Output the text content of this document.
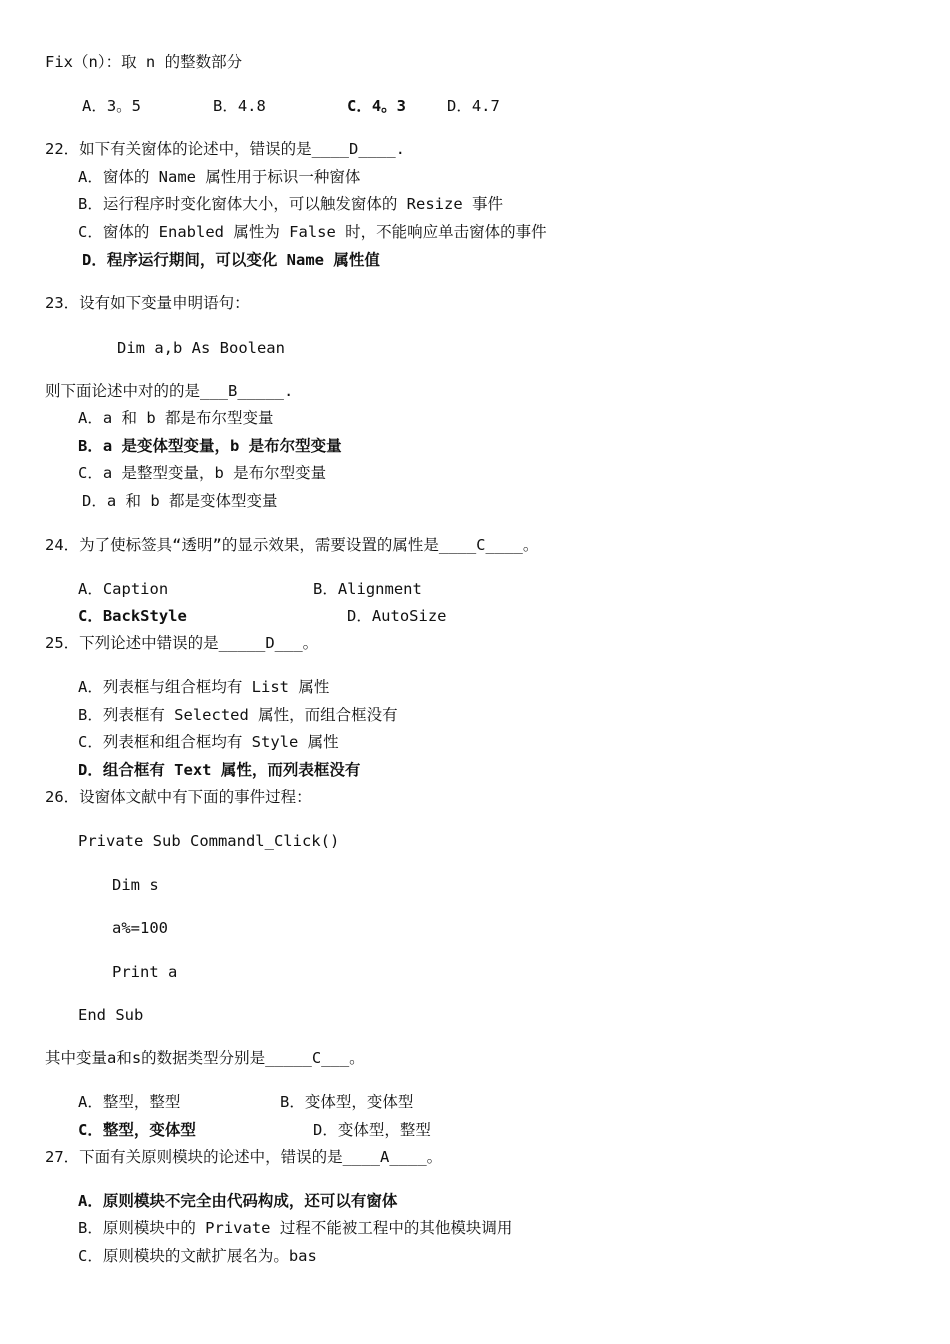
Fix（n）：取 n 的整数部分

A．3。5	B．4.8	C．4。3	D．4.7

22．如下有关窗体的论述中，错误的是____D____.

A．窗体的 Name 属性用于标识一种窗体

B．运行程序时变化窗体大小，可以触发窗体的 Resize 事件

C．窗体的 Enabled 属性为 False 时，不能响应单击窗体的事件

D．程序运行期间，可以变化 Name 属性值

23．设有如下变量申明语句：

Dim a,b As Boolean

则下面论述中对的的是___B_____.

A．a 和 b 都是布尔型变量

B．a 是变体型变量，b 是布尔型变量

C．a 是整型变量，b 是布尔型变量

D．a 和 b 都是变体型变量

24．为了使标签具“透明”的显示效果，需要设置的属性是____C____。

A．Caption	B．Alignment

C．BackStyle	D．AutoSize

25．下列论述中错误的是_____D___。

A．列表框与组合框均有 List 属性

B．列表框有 Selected 属性，而组合框没有

C．列表框和组合框均有 Style 属性

D．组合框有 Text 属性，而列表框没有

26．设窗体文献中有下面的事件过程：

Private Sub Commandl_Click()

Dim s

a%=100

Print a

End Sub

其中变量a和s的数据类型分别是_____C___。

A．整型，整型	B．变体型，变体型

C．整型，变体型	D．变体型，整型

27．下面有关原则模块的论述中，错误的是____A____。

A．原则模块不完全由代码构成，还可以有窗体

B．原则模块中的 Private 过程不能被工程中的其他模块调用

C．原则模块的文献扩展名为。bas
